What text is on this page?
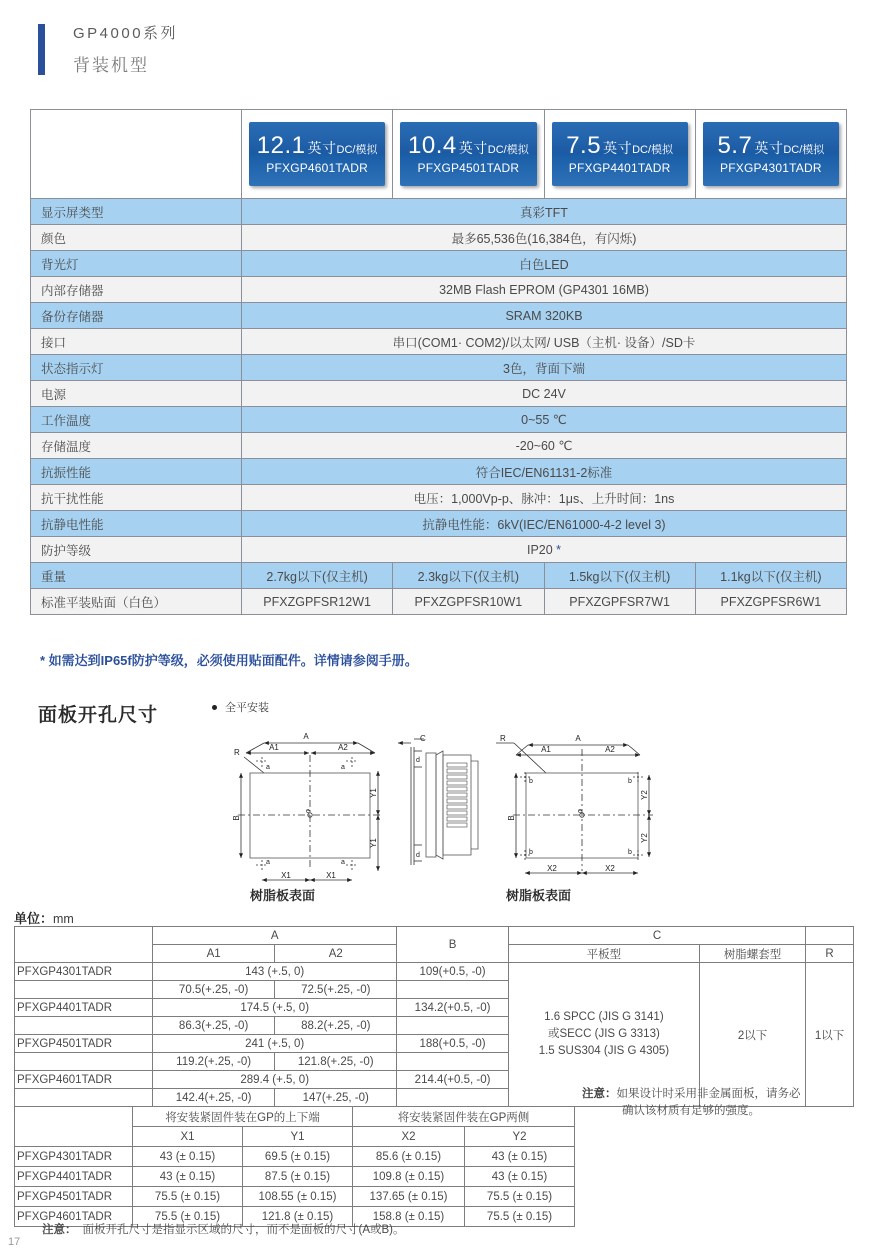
GP4000系列
背装机型

	12.1 英寸DC/模拟PFXGP4601TADR	10.4 英寸DC/模拟PFXGP4501TADR	7.5 英寸DC/模拟PFXGP4401TADR	5.7 英寸DC/模拟PFXGP4301TADR

显示屏类型	真彩TFT			
颜色	最多65,536色(16,384色，有闪烁)			
背光灯	白色LED			
内部存储器	32MB Flash EPROM (GP4301 16MB)			
备份存储器	SRAM 320KB			
接口	串口(COM1· COM2)/以太网/ USB（主机· 设备）/SD卡			
状态指示灯	3色，背面下端			
电源	DC 24V			
工作温度	0~55 ℃			
存储温度	-20~60 ℃			
抗振性能	符合IEC/EN61131-2标准			
抗干扰性能	电压：1,000Vp-p、脉冲：1μs、上升时间：1ns			
抗静电性能	抗静电性能：6kV(IEC/EN61000-4-2 level 3)			
防护等级	IP20 *			
重量	2.7kg以下(仅主机)	2.3kg以下(仅主机)	1.5kg以下(仅主机)	1.1kg以下(仅主机)
标准平装贴面（白色）	PFXZGPFSR12W1	PFXZGPFSR10W1	PFXZGPFSR7W1	PFXZGPFSR6W1
* 如需达到IP65f防护等级，必须使用贴面配件。详情请参阅手册。
面板开孔尺寸	全平安装
A
A1	A2
R
e
a	a
a	a
B
Y1
Y1
X1	X1
C
d
d
R	A
A1	A2
e
b	b
b	b
B
Y2
Y2
X2	X2
树脂板表面	树脂板表面
单位：mm
	A		B	C		
	A1	A2		平板型	树脂螺套型	R
PFXGP4301TADR	143 (+.5, 0)		109(+0.5, -0)	1.6 SPCC (JIS G 3141)
或SECC (JIS G 3313)
1.5 SUS304 (JIS G 4305)	2以下	1以下
	70.5(+.25, -0)	72.5(+.25, -0)				
PFXGP4401TADR	174.5 (+.5, 0)		134.2(+0.5, -0)			
	86.3(+.25, -0)	88.2(+.25, -0)				
PFXGP4501TADR	241 (+.5, 0)		188(+0.5, -0)			
	119.2(+.25, -0)	121.8(+.25, -0)				
PFXGP4601TADR	289.4 (+.5, 0)		214.4(+0.5, -0)			
	142.4(+.25, -0)	147(+.25, -0)					注意：如果设计时采用非金属面板，请务必
确认该材质有足够的强度。
	将安装紧固件装在GP的上下端		将安装紧固件装在GP两侧	
	X1	Y1	X2	Y2
PFXGP4301TADR	43 (± 0.15)	69.5 (± 0.15)	85.6 (± 0.15)	43 (± 0.15)
PFXGP4401TADR	43 (± 0.15)	87.5 (± 0.15)	109.8 (± 0.15)	43 (± 0.15)
PFXGP4501TADR	75.5 (± 0.15)	108.55 (± 0.15)	137.65 (± 0.15)	75.5 (± 0.15)
PFXGP4601TADR	75.5 (± 0.15)	121.8 (± 0.15)	158.8 (± 0.15)	75.5 (± 0.15)
注意： 面板开孔尺寸是指显示区域的尺寸，而不是面板的尺寸(A或B)。
17
